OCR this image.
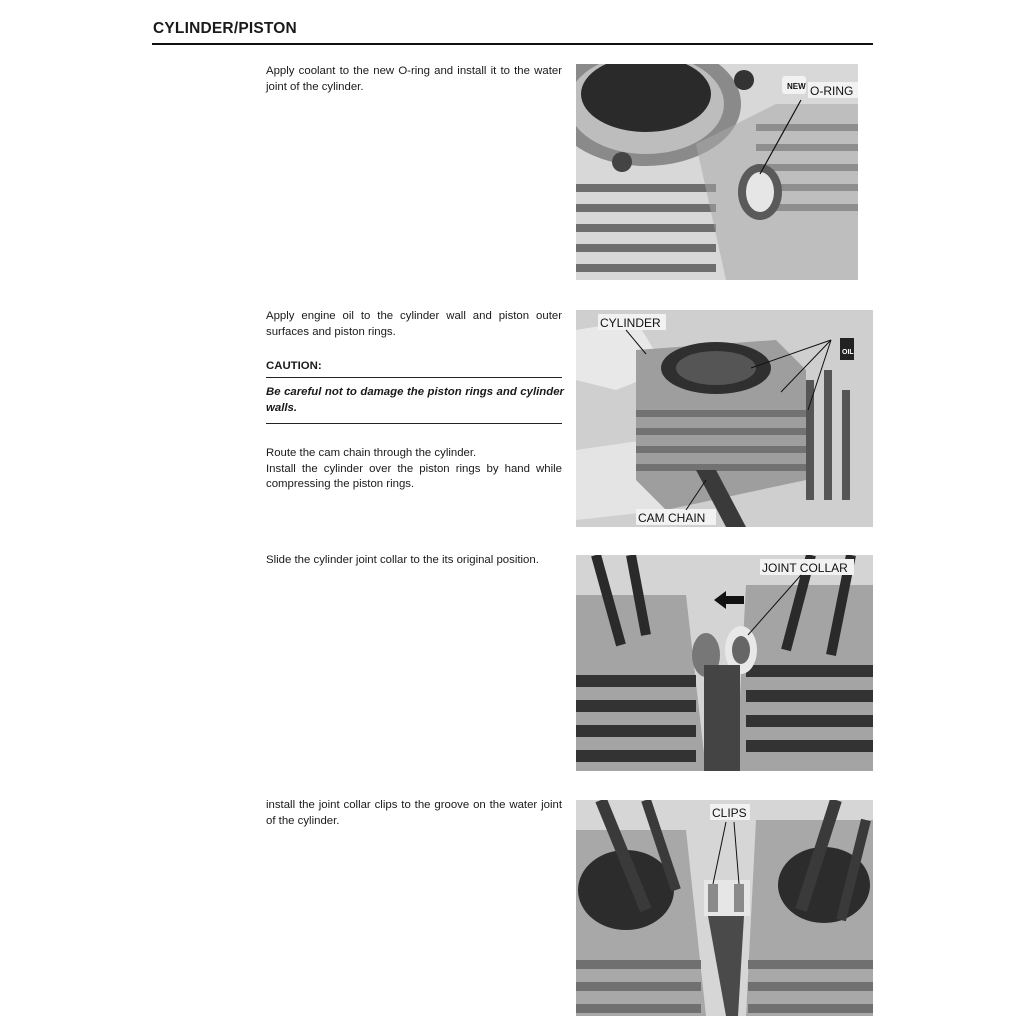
CYLINDER/PISTON

Apply coolant to the new O-ring and install it to the water joint of the cylinder.	NEW O-RING

Apply engine oil to the cylinder wall and piston outer surfaces and piston rings.

CAUTION:
Be careful not to damage the piston rings and cylinder walls.

Route the cam chain through the cylinder.

Install the cylinder over the piston rings by hand while compressing the piston rings.

OIL
CYLINDER
CAM CHAIN

Slide the cylinder joint collar to the its original position.

JOINT COLLAR

install the joint collar clips to the groove on the water joint of the cylinder.

CLIPS
